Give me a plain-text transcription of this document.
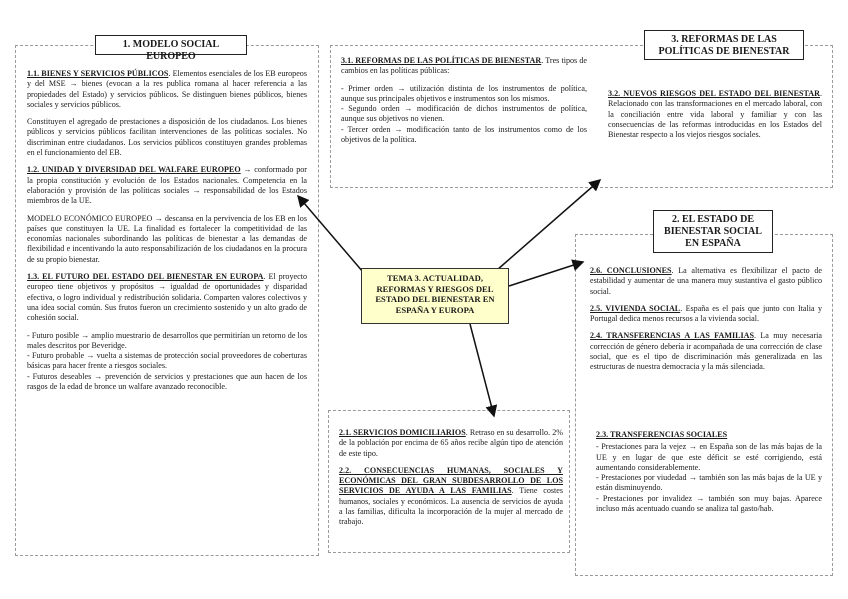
1. MODELO SOCIAL EUROPEO

1.1. BIENES Y SERVICIOS PÚBLICOS. Elementos esenciales de los EB europeos y del MSE → bienes (evocan a la res publica romana al hacer referencia a las propiedades del Estado) y servicios públicos. Se distinguen bienes públicos, bienes sociales y servicios públicos.

Constituyen el agregado de prestaciones a disposición de los ciudadanos. Los bienes públicos y servicios públicos facilitan intervenciones de las políticas sociales. No discriminan entre ciudadanos. Los servicios públicos constituyen grandes problemas en el funcionamiento del EB.

1.2. UNIDAD Y DIVERSIDAD DEL WALFARE EUROPEO → conformado por la propia constitución y evolución de los Estados nacionales. Competencia en la elaboración y provisión de las políticas sociales → responsabilidad de los Estados miembros de la UE.

MODELO ECONÓMICO EUROPEO → descansa en la pervivencia de los EB en los países que constituyen la UE. La finalidad es fortalecer la competitividad de las economías nacionales subordinando las políticas de bienestar a las demandas de flexibilidad e incentivando la auto responsabilización de los ciudadanos en la procura de su propio bienestar.

1.3. EL FUTURO DEL ESTADO DEL BIENESTAR EN EUROPA. El proyecto europeo tiene objetivos y propósitos → igualdad de oportunidades y disparidad efectiva, o logro individual y redistribución solidaria. Comparten valores colectivos y una idea social común. Sus frutos fueron un crecimiento sostenido y un alto grado de cohesión social.

- Futuro posible → amplio muestrario de desarrollos que permitirían un retorno de los males descritos por Beveridge.

- Futuro probable → vuelta a sistemas de protección social proveedores de coberturas básicas para hacer frente a riesgos sociales.

- Futuros deseables → prevención de servicios y prestaciones que aun hacen de los rasgos de la edad de bronce un walfare avanzado reconocible.

3. REFORMAS DE LAS POLÍTICAS DE BIENESTAR

3.1. REFORMAS DE LAS POLÍTICAS DE BIENESTAR. Tres tipos de cambios en las políticas públicas:

- Primer orden → utilización distinta de los instrumentos de política, aunque sus principales objetivos e instrumentos son los mismos.

- Segundo orden → modificación de dichos instrumentos de política, aunque sus objetivos no vienen.

- Tercer orden → modificación tanto de los instrumentos como de los objetivos de la política.

3.2. NUEVOS RIESGOS DEL ESTADO DEL BIENESTAR. Relacionado con las transformaciones en el mercado laboral, con la conciliación entre vida laboral y familiar y con las consecuencias de las reformas introducidas en los Estados del Bienestar respecto a los viejos riesgos sociales.

2. EL ESTADO DE BIENESTAR SOCIAL EN ESPAÑA

2.6. CONCLUSIONES. La alternativa es flexibilizar el pacto de estabilidad y aumentar de una manera muy sustantiva el gasto público social.

2.5. VIVIENDA SOCIAL. España es el país que junto con Italia y Portugal dedica menos recursos a la vivienda social.

2.4. TRANSFERENCIAS A LAS FAMILIAS. La muy necesaria corrección de género debería ir acompañada de una corrección de clase social, que es el tipo de discriminación más generalizada en las estructuras de nuestra democracia y la más silenciada.

2.3. TRANSFERENCIAS SOCIALES

- Prestaciones para la vejez → en España son de las más bajas de la UE y en lugar de que este déficit se esté corrigiendo, está aumentando considerablemente.

- Prestaciones por viudedad → también son las más bajas de la UE y están disminuyendo.

- Prestaciones por invalidez → también son muy bajas. Aparece incluso más acentuado cuando se analiza tal gasto/hab.

2.1. SERVICIOS DOMICILIARIOS. Retraso en su desarrollo. 2% de la población por encima de 65 años recibe algún tipo de atención de este tipo.

2.2. CONSECUENCIAS HUMANAS, SOCIALES Y ECONÓMICAS DEL GRAN SUBDESARROLLO DE LOS SERVICIOS DE AYUDA A LAS FAMILIAS. Tiene costes humanos, sociales y económicos. La ausencia de servicios de ayuda a las familias, dificulta la incorporación de la mujer al mercado de trabajo.

TEMA 3. ACTUALIDAD, REFORMAS Y RIESGOS DEL ESTADO DEL BIENESTAR EN ESPAÑA Y EUROPA
